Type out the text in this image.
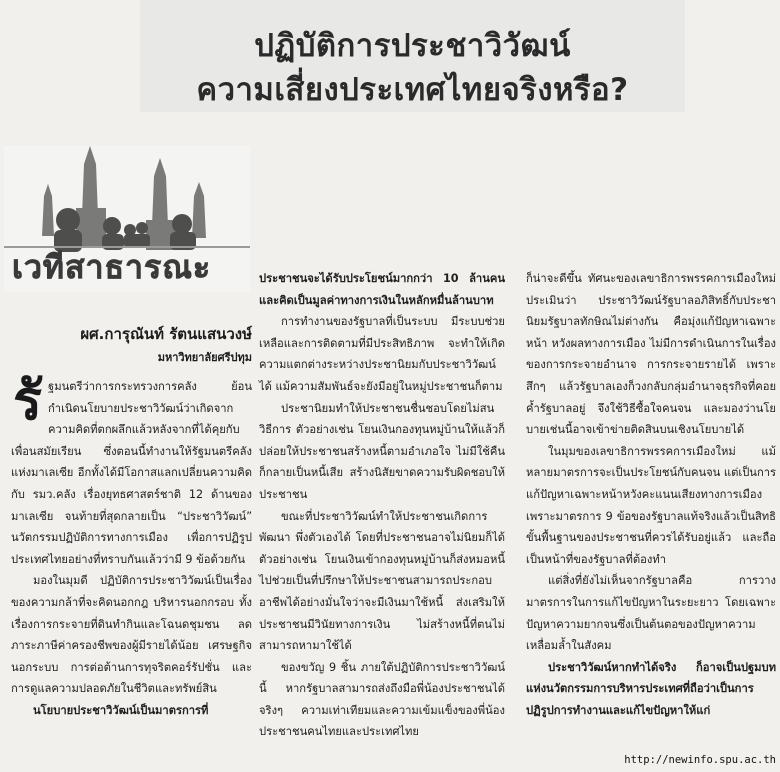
ปฏิบัติการประชาวิวัฒน์
ความเสี่ยงประเทศไทยจริงหรือ?
เวทีสาธารณะ
ผศ.การุณันท์ รัตนแสนวงษ์
มหาวิทยาลัยศรีปทุม

รัฐมนตรีว่าการกระทรวงการคลัง ย้อนกำเนิดนโยบายประชาวิวัฒน์ว่าเกิดจากความคิดที่ตกผลึกแล้วหลังจากที่ได้คุยกับเพื่อนสมัยเรียน ซึ่งตอนนี้ทำงานให้รัฐมนตรีคลังแห่งมาเลเซีย อีกทั้งได้มีโอกาสแลกเปลี่ยนความคิดกับ รมว.คลัง เรื่องยุทธศาสตร์ชาติ 12 ด้านของมาเลเซีย จนท้ายที่สุดกลายเป็น “ประชาวิวัฒน์” นวัตกรรมปฏิบัติการทางการเมือง เพื่อการปฏิรูปประเทศไทยอย่างที่ทราบกันแล้วว่ามี 9 ข้อด้วยกัน

มองในมุมดี ปฏิบัติการประชาวิวัฒน์เป็นเรื่องของความกล้าที่จะคิดนอกกฎ บริหารนอกกรอบ ทั้งเรื่องการกระจายที่ดินทำกินและโฉนดชุมชน ลดภาระภาษีค่าครองชีพของผู้มีรายได้น้อย เศรษฐกิจนอกระบบ การต่อต้านการทุจริตคอร์รัปชั่น และการดูแลความปลอดภัยในชีวิตและทรัพย์สิน

นโยบายประชาวิวัฒน์เป็นมาตรการที่

ประชาชนจะได้รับประโยชน์มากกว่า 10 ล้านคน และคิดเป็นมูลค่าทางการเงินในหลักหมื่นล้านบาท

การทำงานของรัฐบาลที่เป็นระบบ มีระบบช่วยเหลือและการติดตามที่มีประสิทธิภาพ จะทำให้เกิดความแตกต่างระหว่างประชานิยมกับประชาวิวัฒน์ได้ แม้ความสัมพันธ์จะยังมีอยู่ในหมู่ประชาชนก็ตาม

ประชานิยมทำให้ประชาชนชื่นชอบโดยไม่สนวิธีการ ตัวอย่างเช่น โยนเงินกองทุนหมู่บ้านให้แล้วก็ปล่อยให้ประชาชนสร้างหนี้ตามอำเภอใจ ไม่มีใช้คืนก็กลายเป็นหนี้เสีย สร้างนิสัยขาดความรับผิดชอบให้ประชาชน

ขณะที่ประชาวิวัฒน์ทำให้ประชาชนเกิดการพัฒนา พึ่งตัวเองได้ โดยที่ประชาชนอาจไม่นิยมก็ได้ ตัวอย่างเช่น โยนเงินเข้ากองทุนหมู่บ้านก็ส่งหมอหนี้ไปช่วยเป็นที่ปรึกษาให้ประชาชนสามารถประกอบอาชีพได้อย่างมั่นใจว่าจะมีเงินมาใช้หนี้ ส่งเสริมให้ประชาชนมีวินัยทางการเงิน ไม่สร้างหนี้ที่ตนไม่สามารถหามาใช้ได้

ของขวัญ 9 ชิ้น ภายใต้ปฏิบัติการประชาวิวัฒน์นี้ หากรัฐบาลสามารถส่งถึงมือพี่น้องประชาชนได้จริงๆ ความเท่าเทียมและความเข้มแข็งของพี่น้องประชาชนคนไทยและประเทศไทย

ก็น่าจะดีขึ้น ทัศนะของเลขาธิการพรรคการเมืองใหม่ประเมินว่า ประชาวิวัฒน์รัฐบาลอภิสิทธิ์กับประชานิยมรัฐบาลทักษิณไม่ต่างกัน คือมุ่งแก้ปัญหาเฉพาะหน้า หวังผลทางการเมือง ไม่มีการดำเนินการในเรื่องของการกระจายอำนาจ การกระจายรายได้ เพราะสึกๆ แล้วรัฐบาลเองก็วงกลับกลุ่มอำนาจธุรกิจที่คอยค้ำรัฐบาลอยู่ จึงใช้วิธีซื้อใจคนจน และมองว่านโยบายเช่นนี้อาจเข้าข่ายติดสินบนเชิงนโยบายได้

ในมุมของเลขาธิการพรรคการเมืองใหม่ แม้หลายมาตรการจะเป็นประโยชน์กับคนจน แต่เป็นการแก้ปัญหาเฉพาะหน้าหวังคะแนนเสียงทางการเมือง เพราะมาตรการ 9 ข้อของรัฐบาลแท้จริงแล้วเป็นสิทธิขั้นพื้นฐานของประชาชนที่ควรได้รับอยู่แล้ว และถือเป็นหน้าที่ของรัฐบาลที่ต้องทำ

แต่สิ่งที่ยังไม่เห็นจากรัฐบาลคือ การวางมาตรการในการแก้ไขปัญหาในระยะยาว โดยเฉพาะปัญหาความยากจนซึ่งเป็นต้นตอของปัญหาความเหลื่อมล้ำในสังคม

ประชาวิวัฒน์หากทำได้จริง ก็อาจเป็นปฐมบทแห่งนวัตกรรมการบริหารประเทศที่ถือว่าเป็นการปฏิรูปการทำงานและแก้ไขปัญหาให้แก่

http://newinfo.spu.ac.th
